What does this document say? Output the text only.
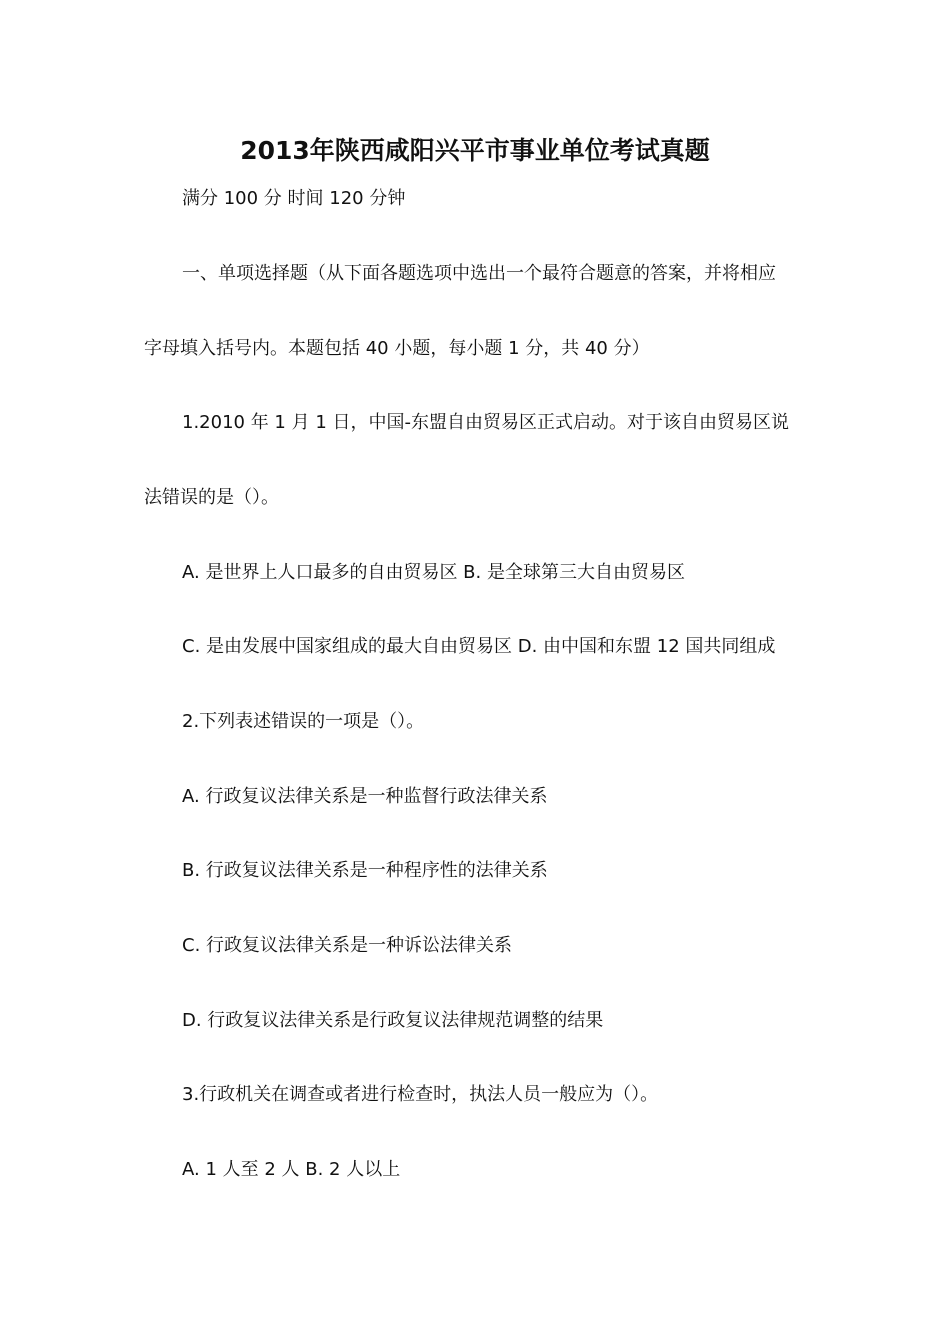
2013年陕西咸阳兴平市事业单位考试真题
满分 100 分 时间 120 分钟
一、单项选择题（从下面各题选项中选出一个最符合题意的答案，并将相应
字母填入括号内。本题包括 40 小题，每小题 1 分，共 40 分）
1.2010 年 1 月 1 日，中国-东盟自由贸易区正式启动。对于该自由贸易区说
法错误的是（）。
A. 是世界上人口最多的自由贸易区 B. 是全球第三大自由贸易区
C. 是由发展中国家组成的最大自由贸易区 D. 由中国和东盟 12 国共同组成
2.下列表述错误的一项是（）。
A. 行政复议法律关系是一种监督行政法律关系
B. 行政复议法律关系是一种程序性的法律关系
C. 行政复议法律关系是一种诉讼法律关系
D. 行政复议法律关系是行政复议法律规范调整的结果
3.行政机关在调查或者进行检查时，执法人员一般应为（）。
A. 1 人至 2 人 B. 2 人以上
